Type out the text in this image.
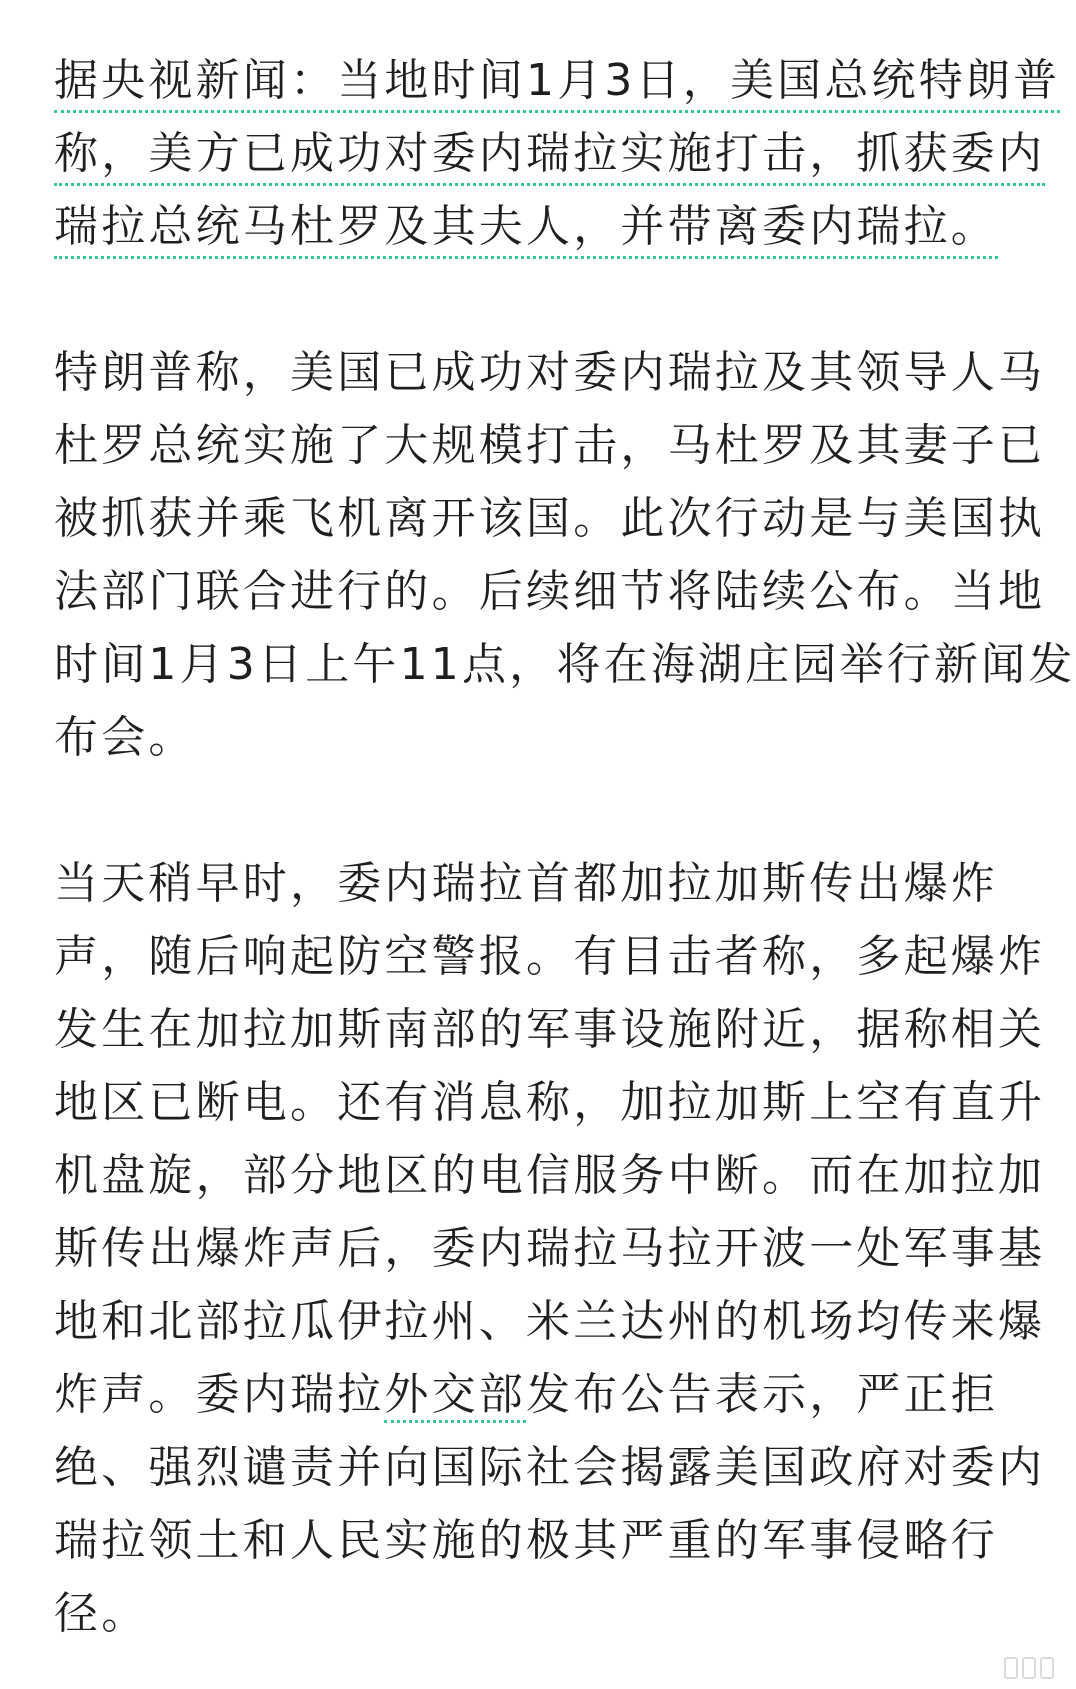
据央视新闻：当地时间1月3日，美国总统特朗普
称，美方已成功对委内瑞拉实施打击，抓获委内
瑞拉总统马杜罗及其夫人，并带离委内瑞拉。
特朗普称，美国已成功对委内瑞拉及其领导人马
杜罗总统实施了大规模打击，马杜罗及其妻子已
被抓获并乘飞机离开该国。此次行动是与美国执
法部门联合进行的。后续细节将陆续公布。当地
时间1月3日上午11点，将在海湖庄园举行新闻发
布会。
当天稍早时，委内瑞拉首都加拉加斯传出爆炸
声，随后响起防空警报。有目击者称，多起爆炸
发生在加拉加斯南部的军事设施附近，据称相关
地区已断电。还有消息称，加拉加斯上空有直升
机盘旋，部分地区的电信服务中断。而在加拉加
斯传出爆炸声后，委内瑞拉马拉开波一处军事基
地和北部拉瓜伊拉州、米兰达州的机场均传来爆
炸声。委内瑞拉外交部发布公告表示，严正拒
绝、强烈谴责并向国际社会揭露美国政府对委内
瑞拉领土和人民实施的极其严重的军事侵略行
径。
